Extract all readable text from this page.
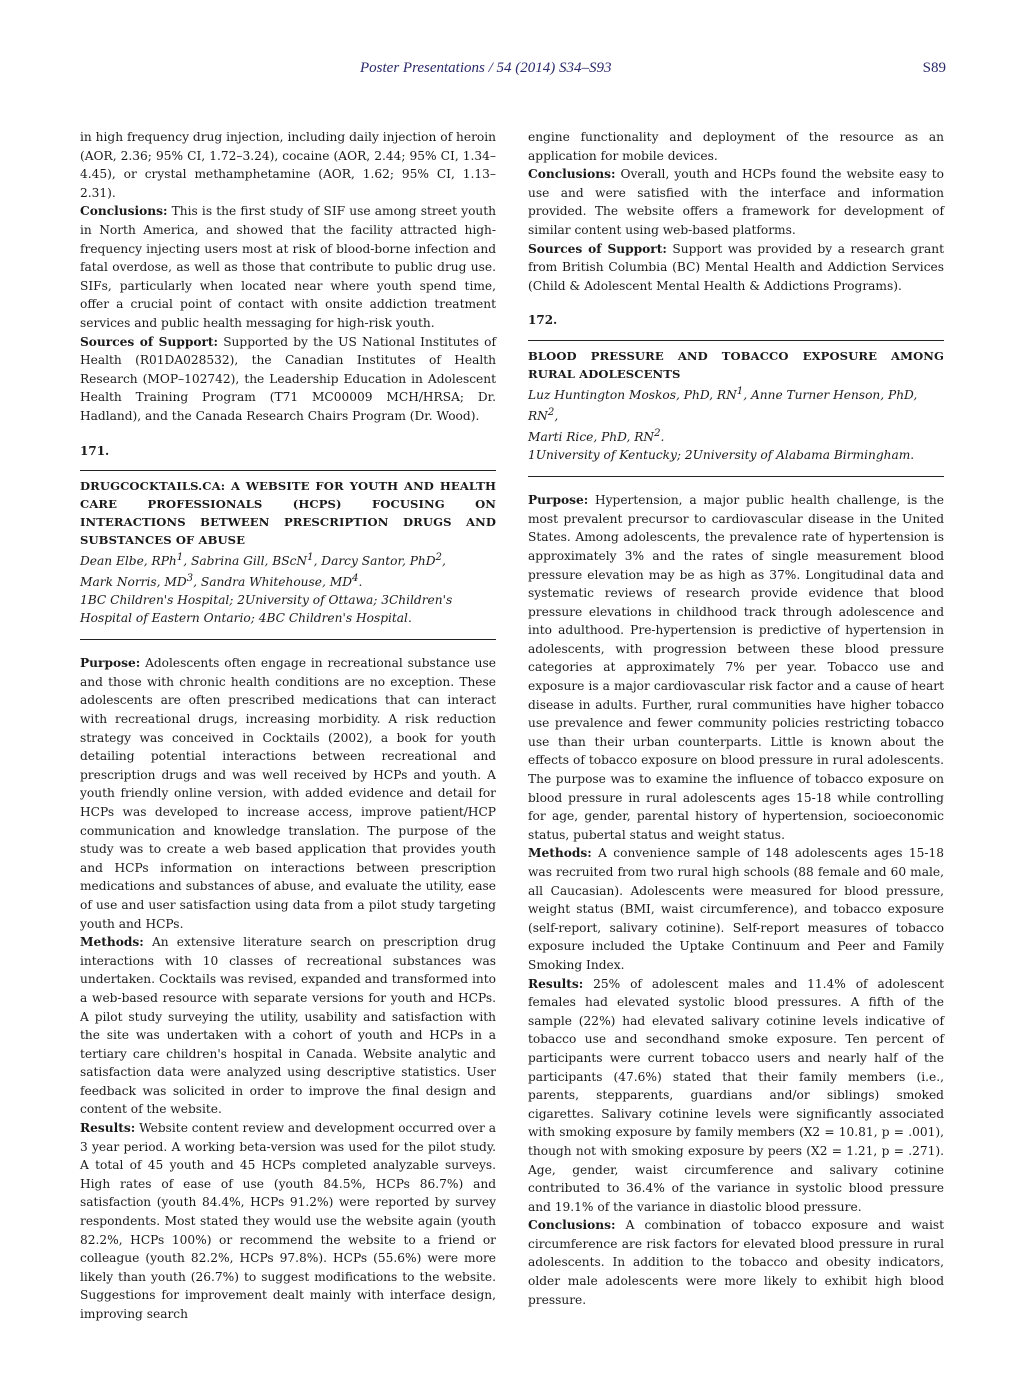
Poster Presentations / 54 (2014) S34–S93	S89

in high frequency drug injection, including daily injection of heroin (AOR, 2.36; 95% CI, 1.72–3.24), cocaine (AOR, 2.44; 95% CI, 1.34–4.45), or crystal methamphetamine (AOR, 1.62; 95% CI, 1.13–2.31).

Conclusions: This is the first study of SIF use among street youth in North America, and showed that the facility attracted high-frequency injecting users most at risk of blood-borne infection and fatal overdose, as well as those that contribute to public drug use. SIFs, particularly when located near where youth spend time, offer a crucial point of contact with onsite addiction treatment services and public health messaging for high-risk youth.

Sources of Support: Supported by the US National Institutes of Health (R01DA028532), the Canadian Institutes of Health Research (MOP–102742), the Leadership Education in Adolescent Health Training Program (T71 MC00009 MCH/HRSA; Dr. Hadland), and the Canada Research Chairs Program (Dr. Wood).

171.
DRUGCOCKTAILS.CA: A WEBSITE FOR YOUTH AND HEALTH CARE PROFESSIONALS (HCPS) FOCUSING ON INTERACTIONS BETWEEN PRESCRIPTION DRUGS AND SUBSTANCES OF ABUSE
Dean Elbe, RPh$^1$, Sabrina Gill, BScN$^1$, Darcy Santor, PhD$^2$,
Mark Norris, $MD^3$, Sandra Whitehouse, $MD^4$.
1BC Children's Hospital; 2University of Ottawa; 3Children's Hospital of Eastern Ontario; 4BC Children's Hospital.

Purpose: Adolescents often engage in recreational substance use and those with chronic health conditions are no exception. These adolescents are often prescribed medications that can interact with recreational drugs, increasing morbidity. A risk reduction strategy was conceived in Cocktails (2002), a book for youth detailing potential interactions between recreational and prescription drugs and was well received by HCPs and youth. A youth friendly online version, with added evidence and detail for HCPs was developed to increase access, improve patient/HCP communication and knowledge translation. The purpose of the study was to create a web based application that provides youth and HCPs information on interactions between prescription medications and substances of abuse, and evaluate the utility, ease of use and user satisfaction using data from a pilot study targeting youth and HCPs.

Methods: An extensive literature search on prescription drug interactions with 10 classes of recreational substances was undertaken. Cocktails was revised, expanded and transformed into a web-based resource with separate versions for youth and HCPs. A pilot study surveying the utility, usability and satisfaction with the site was undertaken with a cohort of youth and HCPs in a tertiary care children's hospital in Canada. Website analytic and satisfaction data were analyzed using descriptive statistics. User feedback was solicited in order to improve the final design and content of the website.

Results: Website content review and development occurred over a 3 year period. A working beta-version was used for the pilot study. A total of 45 youth and 45 HCPs completed analyzable surveys. High rates of ease of use (youth 84.5%, HCPs 86.7%) and satisfaction (youth 84.4%, HCPs 91.2%) were reported by survey respondents. Most stated they would use the website again (youth 82.2%, HCPs 100%) or recommend the website to a friend or colleague (youth 82.2%, HCPs 97.8%). HCPs (55.6%) were more likely than youth (26.7%) to suggest modifications to the website. Suggestions for improvement dealt mainly with interface design, improving search

engine functionality and deployment of the resource as an application for mobile devices.

Conclusions: Overall, youth and HCPs found the website easy to use and were satisfied with the interface and information provided. The website offers a framework for development of similar content using web-based platforms.

Sources of Support: Support was provided by a research grant from British Columbia (BC) Mental Health and Addiction Services (Child & Adolescent Mental Health & Addictions Programs).

172.
BLOOD PRESSURE AND TOBACCO EXPOSURE AMONG RURAL ADOLESCENTS
Luz Huntington Moskos, PhD, $RN^1$, Anne Turner Henson, PhD, $RN^2$,
Marti Rice, PhD, $RN^2$.
1University of Kentucky; 2University of Alabama Birmingham.

Purpose: Hypertension, a major public health challenge, is the most prevalent precursor to cardiovascular disease in the United States. Among adolescents, the prevalence rate of hypertension is approximately 3% and the rates of single measurement blood pressure elevation may be as high as 37%. Longitudinal data and systematic reviews of research provide evidence that blood pressure elevations in childhood track through adolescence and into adulthood. Pre-hypertension is predictive of hypertension in adolescents, with progression between these blood pressure categories at approximately 7% per year. Tobacco use and exposure is a major cardiovascular risk factor and a cause of heart disease in adults. Further, rural communities have higher tobacco use prevalence and fewer community policies restricting tobacco use than their urban counterparts. Little is known about the effects of tobacco exposure on blood pressure in rural adolescents. The purpose was to examine the influence of tobacco exposure on blood pressure in rural adolescents ages 15-18 while controlling for age, gender, parental history of hypertension, socioeconomic status, pubertal status and weight status.

Methods: A convenience sample of 148 adolescents ages 15-18 was recruited from two rural high schools (88 female and 60 male, all Caucasian). Adolescents were measured for blood pressure, weight status (BMI, waist circumference), and tobacco exposure (self-report, salivary cotinine). Self-report measures of tobacco exposure included the Uptake Continuum and Peer and Family Smoking Index.

Results: 25% of adolescent males and 11.4% of adolescent females had elevated systolic blood pressures. A fifth of the sample (22%) had elevated salivary cotinine levels indicative of tobacco use and secondhand smoke exposure. Ten percent of participants were current tobacco users and nearly half of the participants (47.6%) stated that their family members (i.e., parents, stepparents, guardians and/or siblings) smoked cigarettes. Salivary cotinine levels were significantly associated with smoking exposure by family members (X2 = 10.81, p = .001), though not with smoking exposure by peers (X2 = 1.21, p = .271). Age, gender, waist circumference and salivary cotinine contributed to 36.4% of the variance in systolic blood pressure and 19.1% of the variance in diastolic blood pressure.

Conclusions: A combination of tobacco exposure and waist circumference are risk factors for elevated blood pressure in rural adolescents. In addition to the tobacco and obesity indicators, older male adolescents were more likely to exhibit high blood pressure.
